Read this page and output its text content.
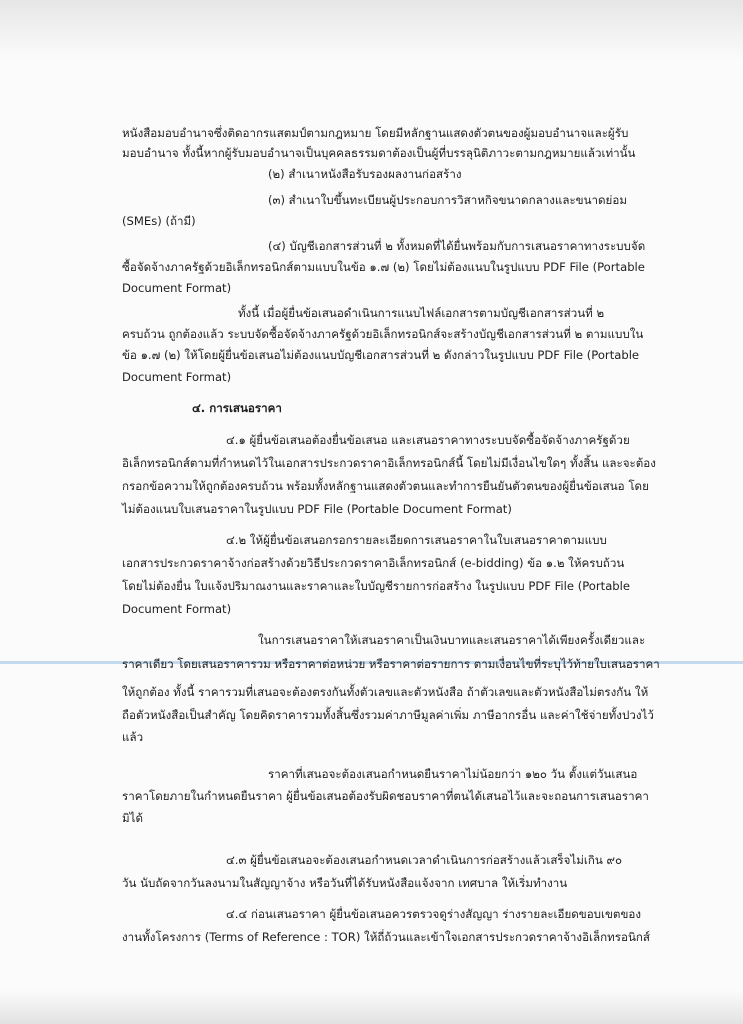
หนังสือมอบอำนาจซึ่งติดอากรแสตมป์ตามกฎหมาย โดยมีหลักฐานแสดงตัวตนของผู้มอบอำนาจและผู้รับ

มอบอำนาจ ทั้งนี้หากผู้รับมอบอำนาจเป็นบุคคลธรรมดาต้องเป็นผู้ที่บรรลุนิติภาวะตามกฎหมายแล้วเท่านั้น

(๒) สำเนาหนังสือรับรองผลงานก่อสร้าง

(๓) สำเนาใบขึ้นทะเบียนผู้ประกอบการวิสาหกิจขนาดกลางและขนาดย่อม

(SMEs) (ถ้ามี)

(๔) บัญชีเอกสารส่วนที่ ๒ ทั้งหมดที่ได้ยื่นพร้อมกับการเสนอราคาทางระบบจัด

ซื้อจัดจ้างภาครัฐด้วยอิเล็กทรอนิกส์ตามแบบในข้อ ๑.๗ (๒) โดยไม่ต้องแนบในรูปแบบ PDF File (Portable

Document Format)

ทั้งนี้ เมื่อผู้ยื่นข้อเสนอดำเนินการแนบไฟล์เอกสารตามบัญชีเอกสารส่วนที่ ๒

ครบถ้วน ถูกต้องแล้ว ระบบจัดซื้อจัดจ้างภาครัฐด้วยอิเล็กทรอนิกส์จะสร้างบัญชีเอกสารส่วนที่ ๒ ตามแบบใน

ข้อ ๑.๗ (๒) ให้โดยผู้ยื่นข้อเสนอไม่ต้องแนบบัญชีเอกสารส่วนที่ ๒ ดังกล่าวในรูปแบบ PDF File (Portable

Document Format)

๔. การเสนอราคา

๔.๑ ผู้ยื่นข้อเสนอต้องยื่นข้อเสนอ และเสนอราคาทางระบบจัดซื้อจัดจ้างภาครัฐด้วย

อิเล็กทรอนิกส์ตามที่กำหนดไว้ในเอกสารประกวดราคาอิเล็กทรอนิกส์นี้ โดยไม่มีเงื่อนไขใดๆ ทั้งสิ้น และจะต้อง

กรอกข้อความให้ถูกต้องครบถ้วน พร้อมทั้งหลักฐานแสดงตัวตนและทำการยืนยันตัวตนของผู้ยื่นข้อเสนอ โดย

ไม่ต้องแนบใบเสนอราคาในรูปแบบ PDF File (Portable Document Format)

๔.๒ ให้ผู้ยื่นข้อเสนอกรอกรายละเอียดการเสนอราคาในใบเสนอราคาตามแบบ

เอกสารประกวดราคาจ้างก่อสร้างด้วยวิธีประกวดราคาอิเล็กทรอนิกส์ (e-bidding) ข้อ ๑.๒ ให้ครบถ้วน

โดยไม่ต้องยื่น ใบแจ้งปริมาณงานและราคาและใบบัญชีรายการก่อสร้าง ในรูปแบบ PDF File (Portable

Document Format)

ในการเสนอราคาให้เสนอราคาเป็นเงินบาทและเสนอราคาได้เพียงครั้งเดียวและ

ราคาเดียว โดยเสนอราคารวม หรือราคาต่อหน่วย หรือราคาต่อรายการ ตามเงื่อนไขที่ระบุไว้ท้ายใบเสนอราคา

ให้ถูกต้อง ทั้งนี้ ราคารวมที่เสนอจะต้องตรงกันทั้งตัวเลขและตัวหนังสือ ถ้าตัวเลขและตัวหนังสือไม่ตรงกัน ให้

ถือตัวหนังสือเป็นสำคัญ โดยคิดราคารวมทั้งสิ้นซึ่งรวมค่าภาษีมูลค่าเพิ่ม ภาษีอากรอื่น และค่าใช้จ่ายทั้งปวงไว้

แล้ว

ราคาที่เสนอจะต้องเสนอกำหนดยืนราคาไม่น้อยกว่า ๑๒๐ วัน ตั้งแต่วันเสนอ

ราคาโดยภายในกำหนดยืนราคา ผู้ยื่นข้อเสนอต้องรับผิดชอบราคาที่ตนได้เสนอไว้และจะถอนการเสนอราคา

มิได้

๔.๓ ผู้ยื่นข้อเสนอจะต้องเสนอกำหนดเวลาดำเนินการก่อสร้างแล้วเสร็จไม่เกิน ๙๐

วัน นับถัดจากวันลงนามในสัญญาจ้าง หรือวันที่ได้รับหนังสือแจ้งจาก เทศบาล ให้เริ่มทำงาน

๔.๔ ก่อนเสนอราคา ผู้ยื่นข้อเสนอควรตรวจดูร่างสัญญา ร่างรายละเอียดขอบเขตของ

งานทั้งโครงการ (Terms of Reference : TOR) ให้ถี่ถ้วนและเข้าใจเอกสารประกวดราคาจ้างอิเล็กทรอนิกส์
